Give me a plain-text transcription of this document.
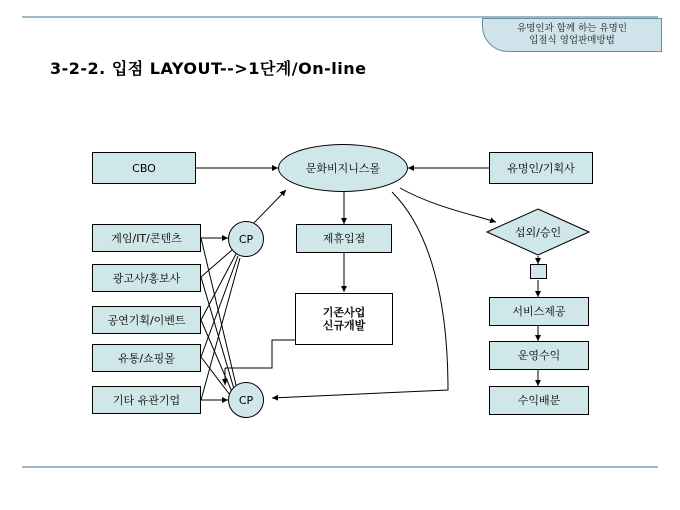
유명인과 함께 하는 유명인
입점식 영업판매방법
3-2-2. 입점 LAYOUT-->1단계/On-line
CBO	문화비지니스몰	유명인/기획사
게임/IT/콘텐츠
광고사/홍보사
공연기획/이벤트
유통/쇼핑몰
기타 유관기업
CP
CP
제휴입점
기존사업
신규개발
섭외/승인
서비스제공
운영수익
수익배분
